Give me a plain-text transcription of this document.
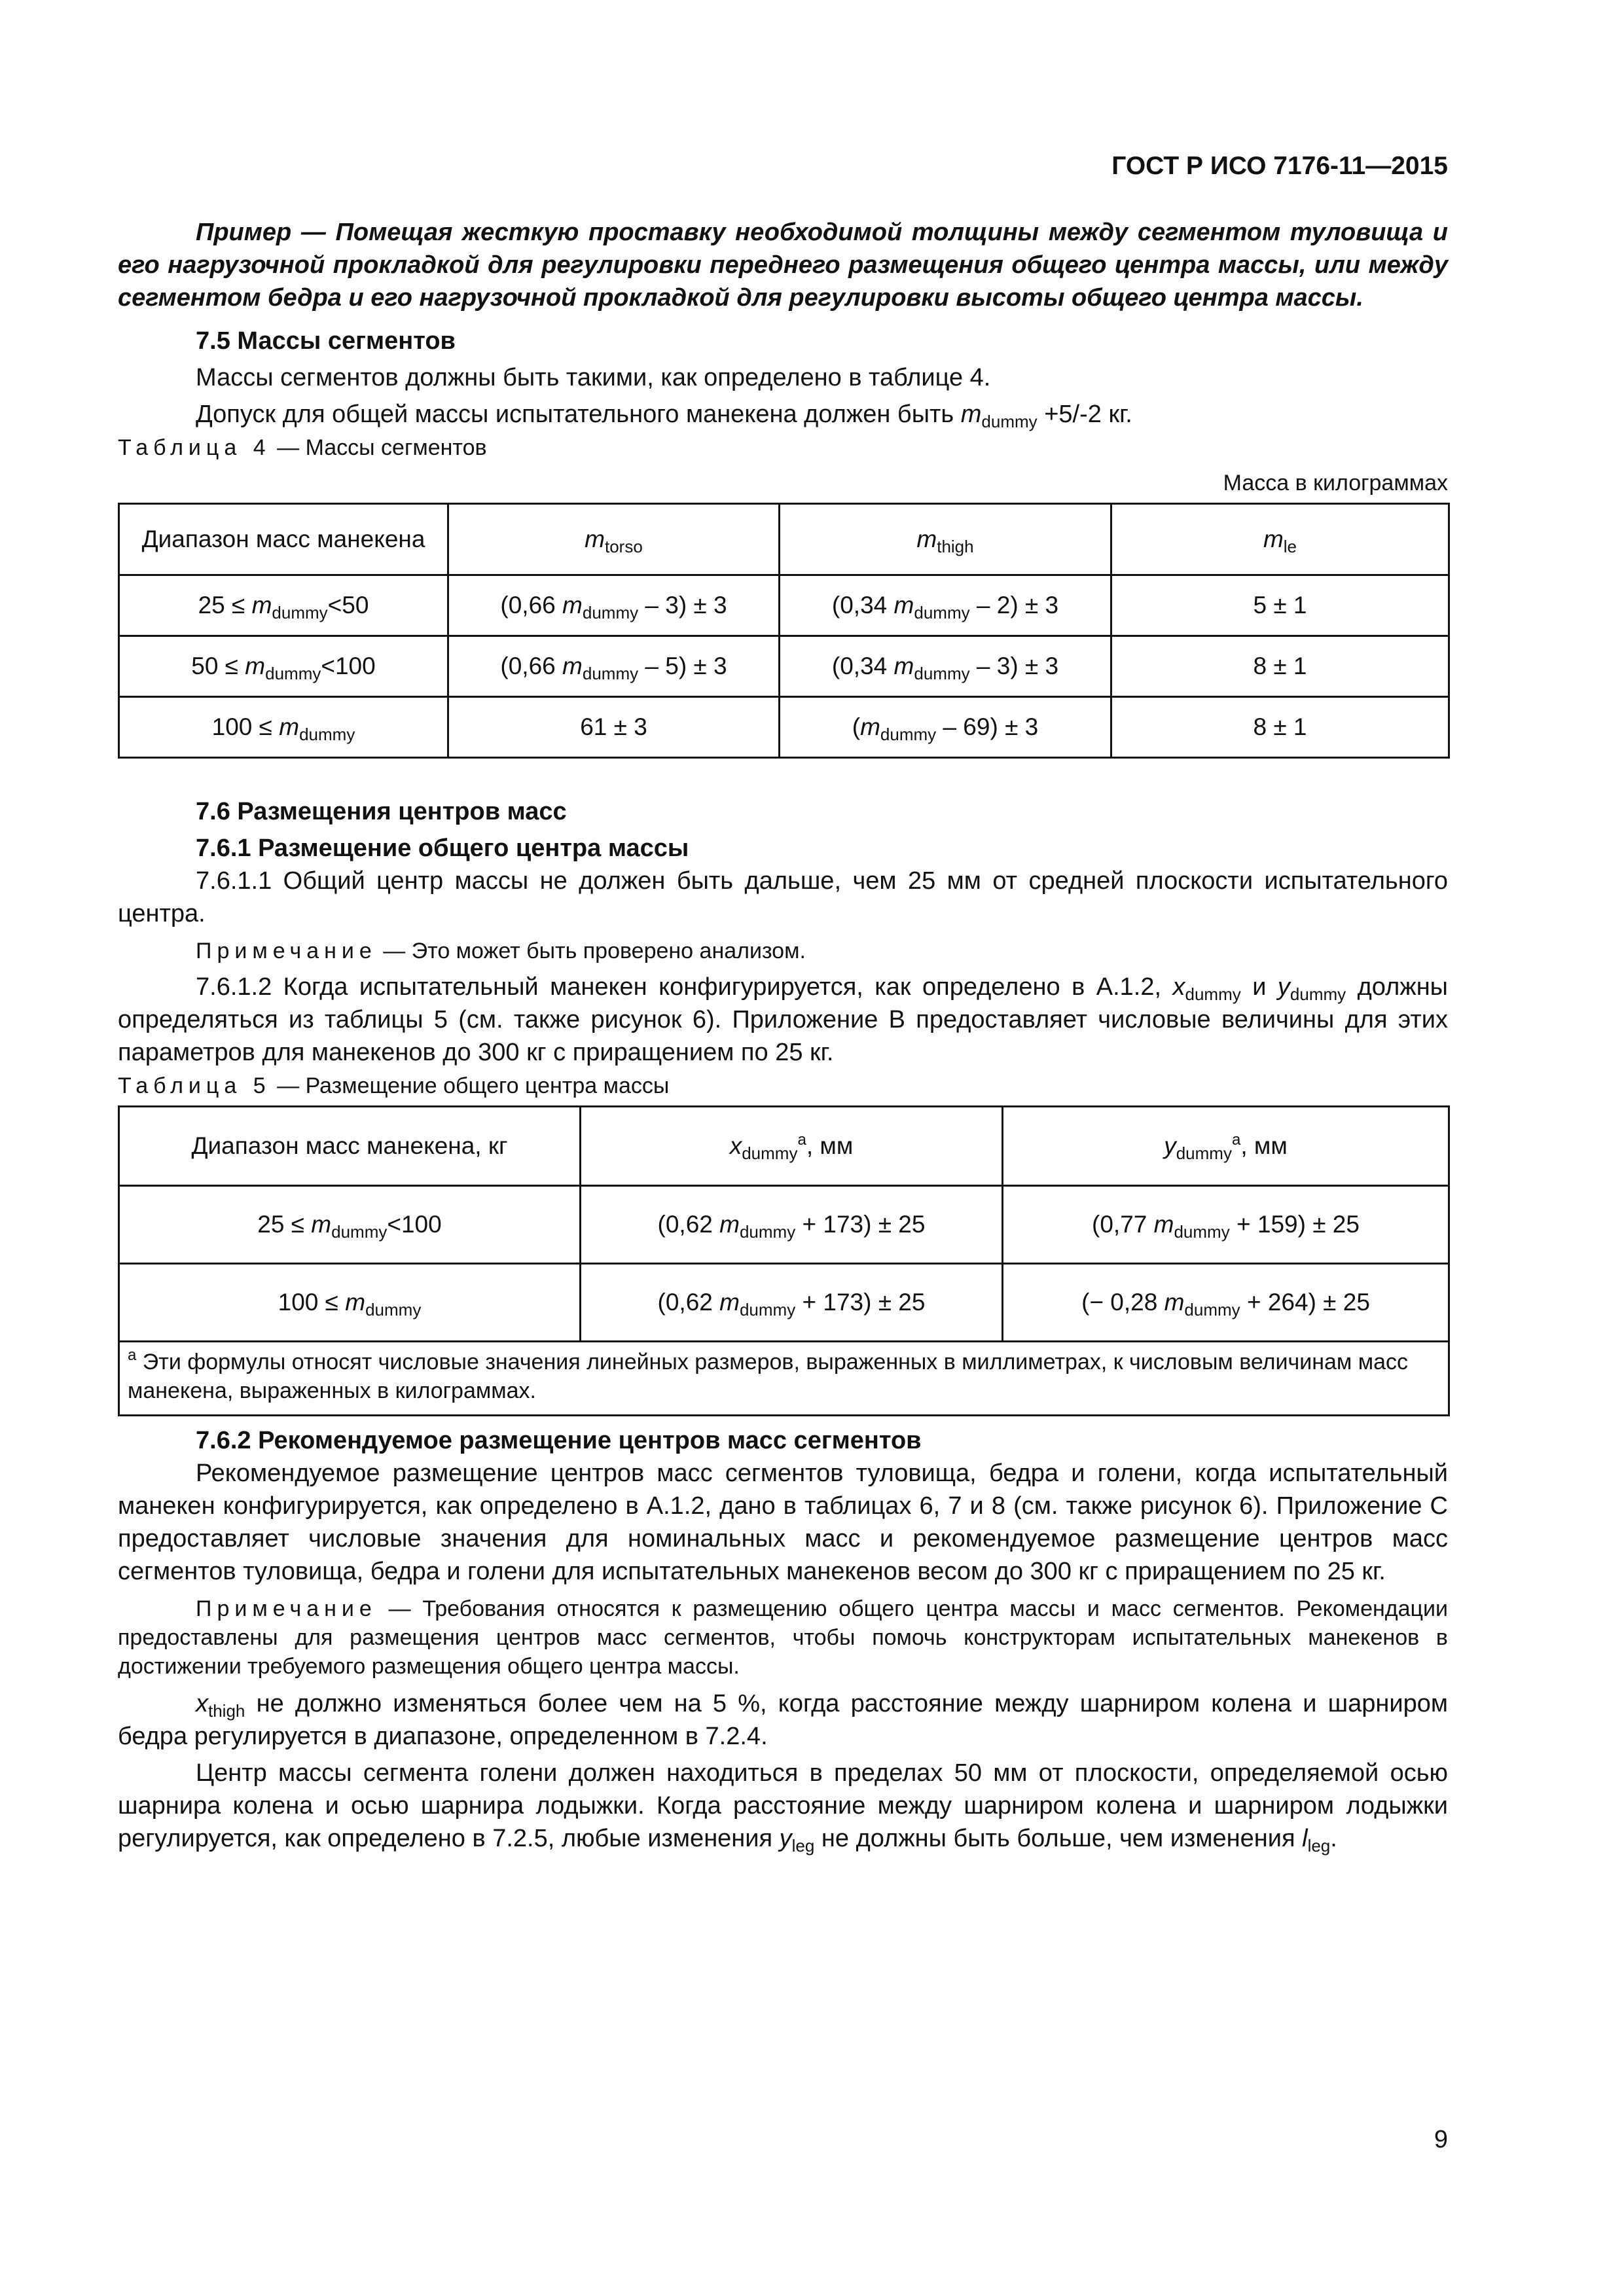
ГОСТ Р ИСО 7176-11—2015

Пример — Помещая жесткую проставку необходимой толщины между сегментом туловища и его нагрузочной прокладкой для регулировки переднего размещения общего центра массы, или между сегментом бедра и его нагрузочной прокладкой для регулировки высоты общего центра массы.

7.5 Массы сегментов

Массы сегментов должны быть такими, как определено в таблице 4.

Допуск для общей массы испытательного манекена должен быть $m_{dummy} +5/-2$ кг.

Таблица 4 — Массы сегментов

Масса в килограммах

Диапазон масс манекена	$m_{torso}$	$m_{thigh}$	$m_{le}$
$25 \le m_{dummy}<50$	(0,66 $m_{dummy} - 3) \pm 3$	(0,34 $m_{dummy} - 2) \pm 3$	5 ± 1
$50 \le m_{dummy}<100$	(0,66 $m_{dummy} - 5) \pm 3$	(0,34 $m_{dummy} - 3) \pm 3$	8 ± 1
$100 \le m_{dummy}$	61 ± 3	$(m_{dummy} - 69) \pm 3$	8 ± 1

7.6 Размещения центров масс

7.6.1 Размещение общего центра массы

7.6.1.1 Общий центр массы не должен быть дальше, чем 25 мм от средней плоскости испытательного центра.

Примечание — Это может быть проверено анализом.

7.6.1.2 Когда испытательный манекен конфигурируется, как определено в А.1.2, $x_{dummy}$ и $y_{dummy}$ должны определяться из таблицы 5 (см. также рисунок 6). Приложение В предоставляет числовые величины для этих параметров для манекенов до 300 кг с приращением по 25 кг.

Таблица 5 — Размещение общего центра массы

Диапазон масс манекена, кг	$x_{dummy}^a$, мм	$y_{dummy}^a$, мм
$25 \le m_{dummy}<100$	(0,62 $m_{dummy} + 173) \pm 25$	(0,77 $m_{dummy} + 159) \pm 25$
$100 \le m_{dummy}$	(0,62 $m_{dummy} + 173) \pm 25$	(− 0,28 $m_{dummy} + 264) \pm 25$
$^a$ Эти формулы относят числовые значения линейных размеров, выраженных в миллиметрах, к числовым величинам масс манекена, выраженных в килограммах.		

7.6.2 Рекомендуемое размещение центров масс сегментов

Рекомендуемое размещение центров масс сегментов туловища, бедра и голени, когда испытательный манекен конфигурируется, как определено в А.1.2, дано в таблицах 6, 7 и 8 (см. также рисунок 6). Приложение С предоставляет числовые значения для номинальных масс и рекомендуемое размещение центров масс сегментов туловища, бедра и голени для испытательных манекенов весом до 300 кг с приращением по 25 кг.

Примечание — Требования относятся к размещению общего центра массы и масс сегментов. Рекомендации предоставлены для размещения центров масс сегментов, чтобы помочь конструкторам испытательных манекенов в достижении требуемого размещения общего центра массы.

$x_{thigh}$ не должно изменяться более чем на 5 %, когда расстояние между шарниром колена и шарниром бедра регулируется в диапазоне, определенном в 7.2.4.

Центр массы сегмента голени должен находиться в пределах 50 мм от плоскости, определяемой осью шарнира колена и осью шарнира лодыжки. Когда расстояние между шарниром колена и шарниром лодыжки регулируется, как определено в 7.2.5, любые изменения $y_{leg}$ не должны быть больше, чем изменения $l_{leg}$.

9
